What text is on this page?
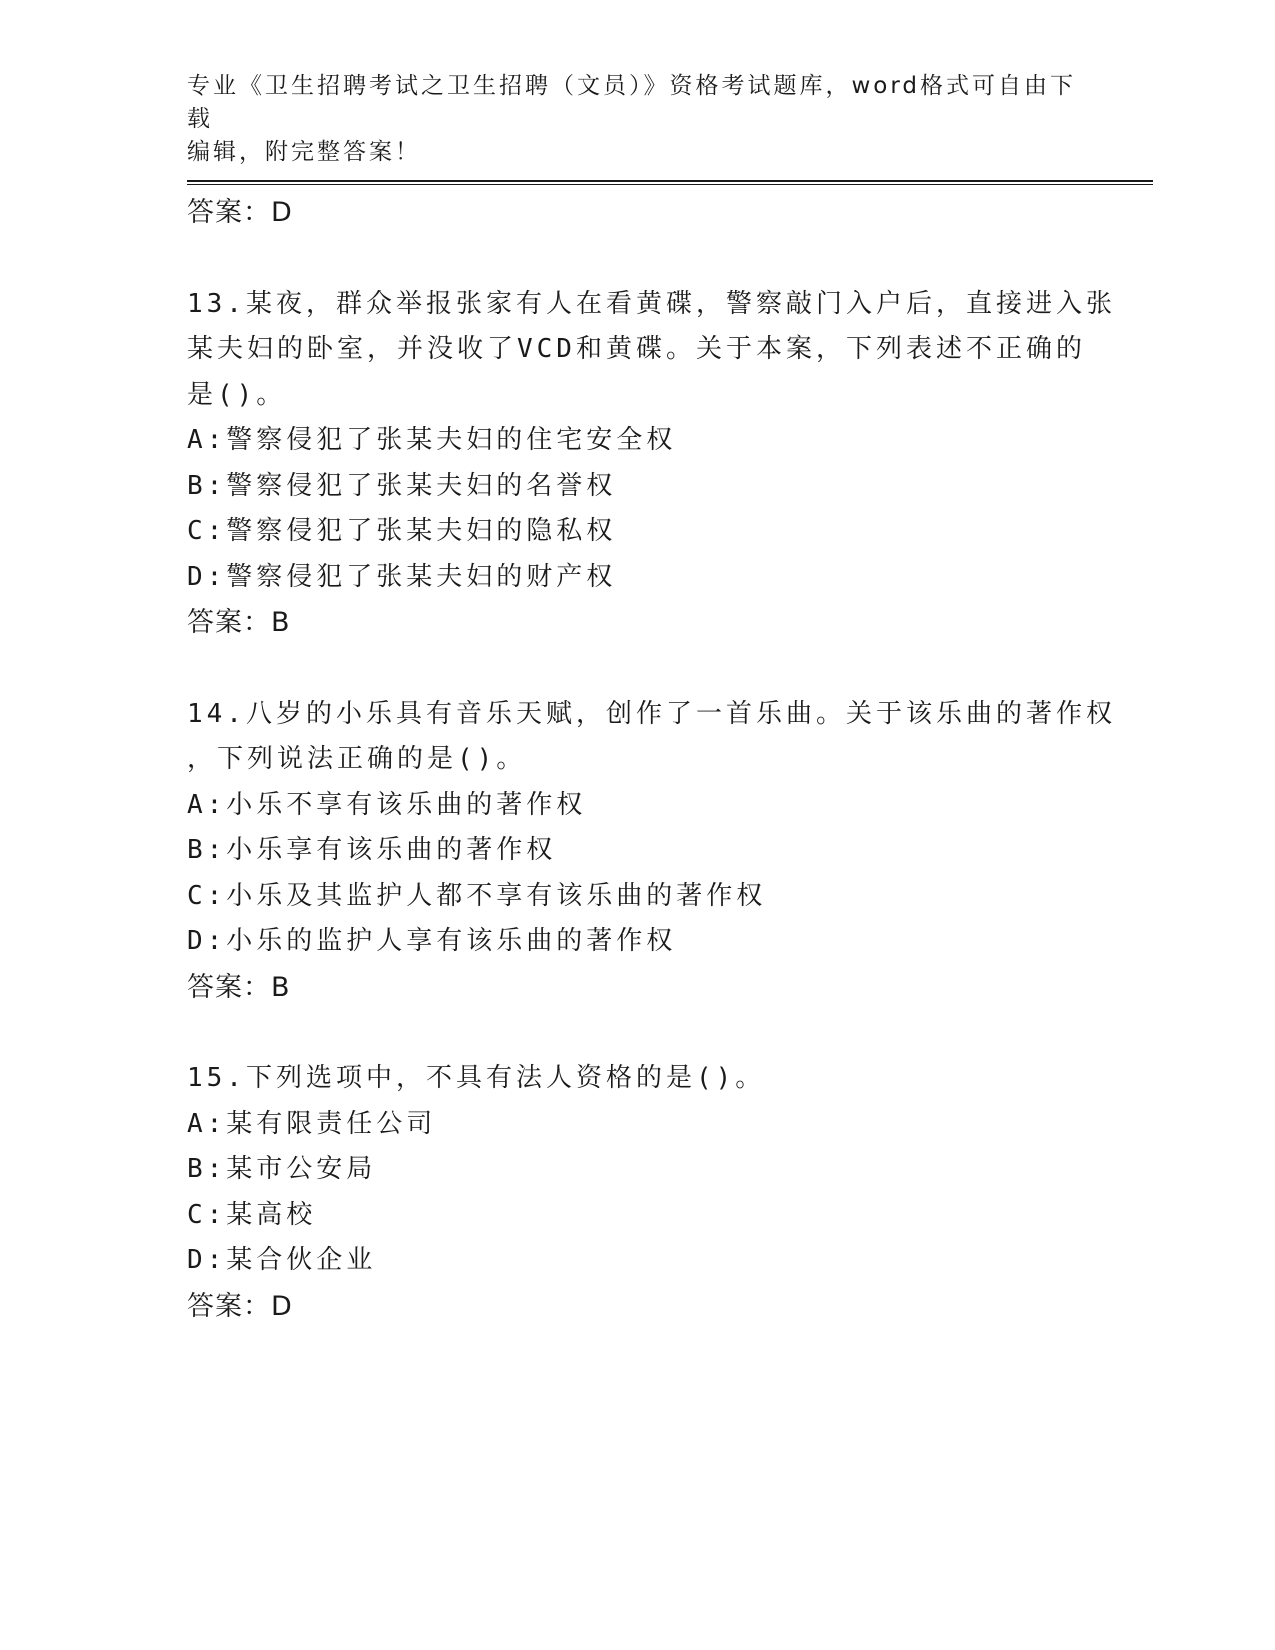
专业《卫生招聘考试之卫生招聘（文员）》资格考试题库，word格式可自由下载
编辑，附完整答案！
答案：D
13.某夜，群众举报张家有人在看黄碟，警察敲门入户后，直接进入张
某夫妇的卧室，并没收了VCD和黄碟。关于本案，下列表述不正确的
是()。
A:警察侵犯了张某夫妇的住宅安全权
B:警察侵犯了张某夫妇的名誉权
C:警察侵犯了张某夫妇的隐私权
D:警察侵犯了张某夫妇的财产权
答案：B
14.八岁的小乐具有音乐天赋，创作了一首乐曲。关于该乐曲的著作权
，下列说法正确的是()。
A:小乐不享有该乐曲的著作权
B:小乐享有该乐曲的著作权
C:小乐及其监护人都不享有该乐曲的著作权
D:小乐的监护人享有该乐曲的著作权
答案：B
15.下列选项中，不具有法人资格的是()。
A:某有限责任公司
B:某市公安局
C:某高校
D:某合伙企业
答案：D
